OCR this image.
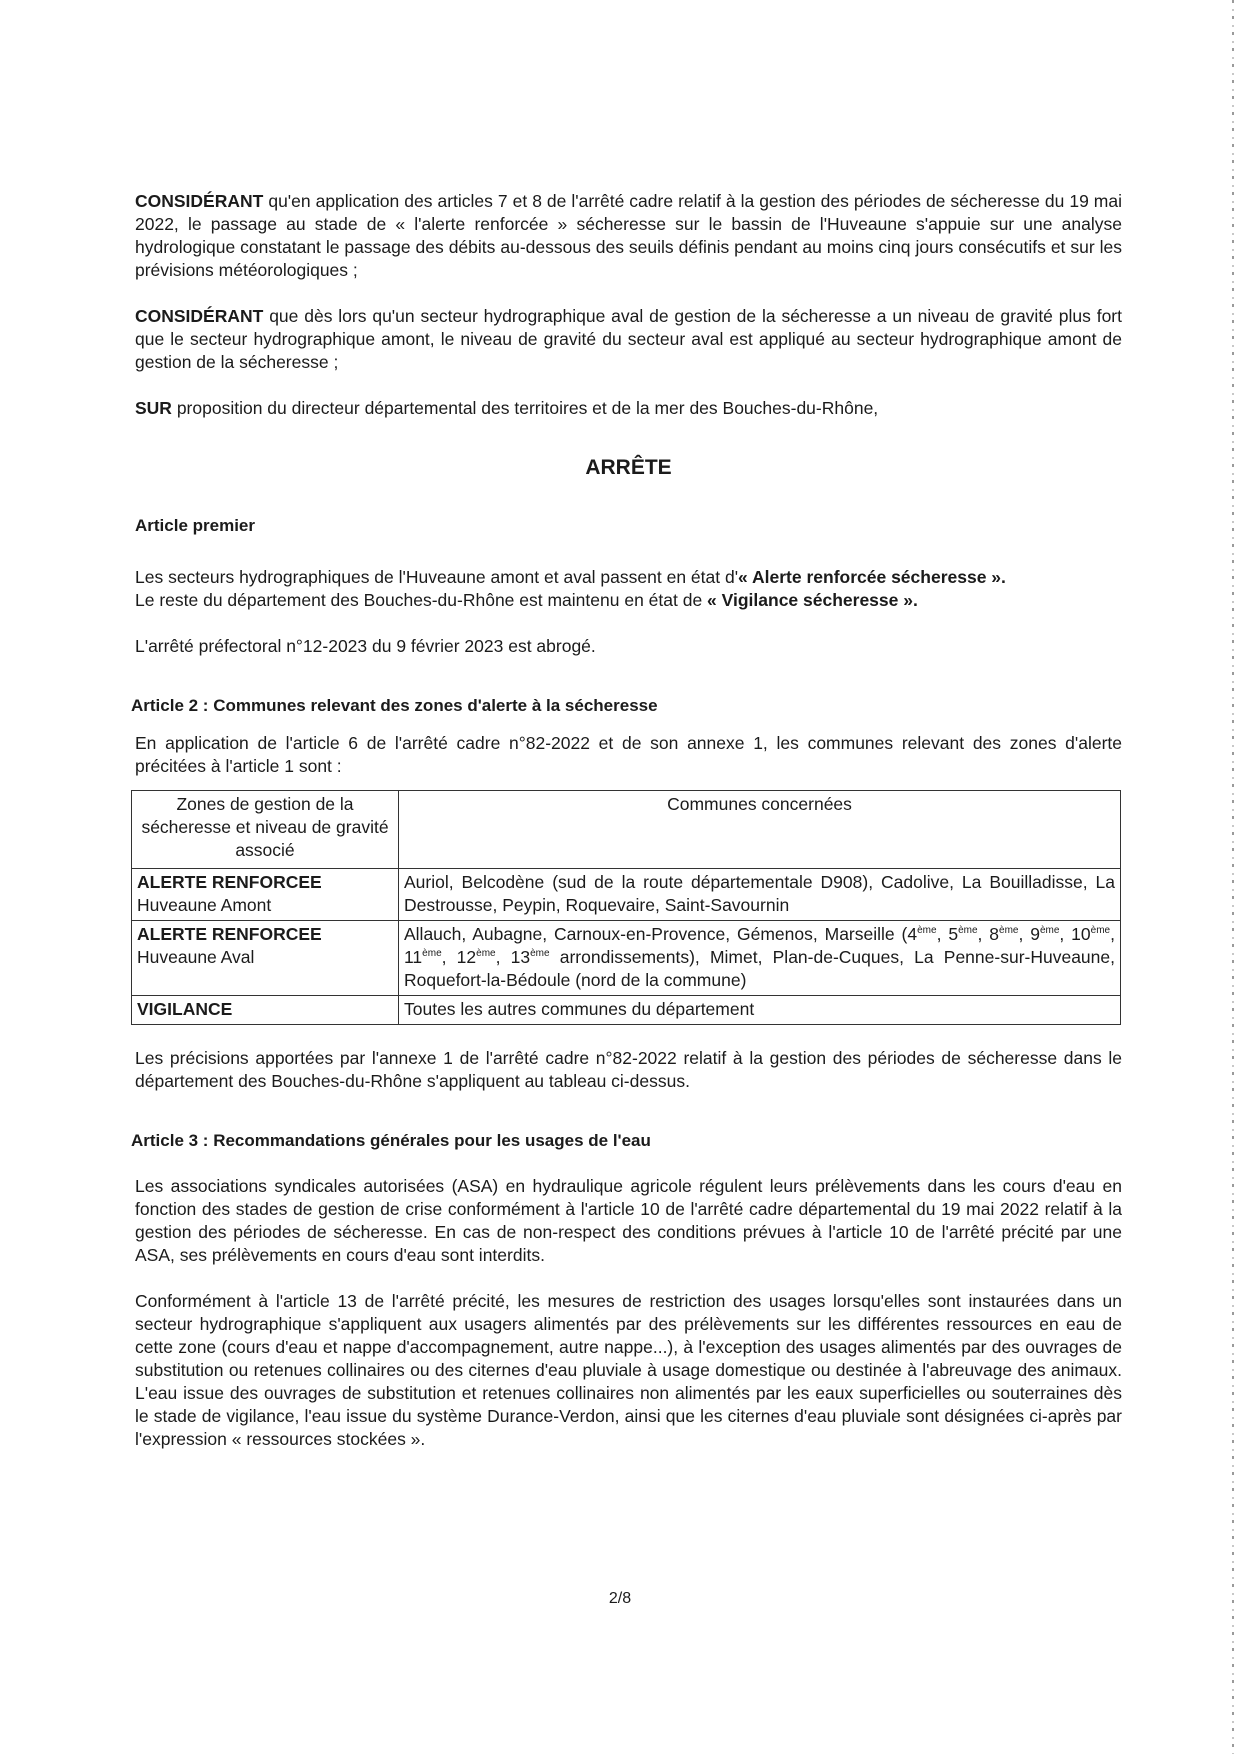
CONSIDÉRANT qu'en application des articles 7 et 8 de l'arrêté cadre relatif à la gestion des périodes de sécheresse du 19 mai 2022, le passage au stade de « l'alerte renforcée » sécheresse sur le bassin de l'Huveaune s'appuie sur une analyse hydrologique constatant le passage des débits au-dessous des seuils définis pendant au moins cinq jours consécutifs et sur les prévisions météorologiques ;

CONSIDÉRANT que dès lors qu'un secteur hydrographique aval de gestion de la sécheresse a un niveau de gravité plus fort que le secteur hydrographique amont, le niveau de gravité du secteur aval est appliqué au secteur hydrographique amont de gestion de la sécheresse ;

SUR proposition du directeur départemental des territoires et de la mer des Bouches-du-Rhône,

ARRÊTE
Article premier

Les secteurs hydrographiques de l'Huveaune amont et aval passent en état d'« Alerte renforcée sécheresse ».

Le reste du département des Bouches-du-Rhône est maintenu en état de « Vigilance sécheresse ».

L'arrêté préfectoral n°12-2023 du 9 février 2023 est abrogé.

Article 2 : Communes relevant des zones d'alerte à la sécheresse

En application de l'article 6 de l'arrêté cadre n°82-2022 et de son annexe 1, les communes relevant des zones d'alerte précitées à l'article 1 sont :

Zones de gestion de la sécheresse et niveau de gravité associé	Communes concernées
ALERTE RENFORCEE
Huveaune Amont	Auriol, Belcodène (sud de la route départementale D908), Cadolive, La Bouilladisse, La Destrousse, Peypin, Roquevaire, Saint-Savournin
ALERTE RENFORCEE
Huveaune Aval	Allauch, Aubagne, Carnoux-en-Provence, Gémenos, Marseille (4ème, 5ème, 8ème, 9ème, 10ème, 11ème, 12ème, 13ème arrondissements), Mimet, Plan-de-Cuques, La Penne-sur-Huveaune, Roquefort-la-Bédoule (nord de la commune)
VIGILANCE	Toutes les autres communes du département

Les précisions apportées par l'annexe 1 de l'arrêté cadre n°82-2022 relatif à la gestion des périodes de sécheresse dans le département des Bouches-du-Rhône s'appliquent au tableau ci-dessus.

Article 3 : Recommandations générales pour les usages de l'eau

Les associations syndicales autorisées (ASA) en hydraulique agricole régulent leurs prélèvements dans les cours d'eau en fonction des stades de gestion de crise conformément à l'article 10 de l'arrêté cadre départemental du 19 mai 2022 relatif à la gestion des périodes de sécheresse. En cas de non-respect des conditions prévues à l'article 10 de l'arrêté précité par une ASA, ses prélèvements en cours d'eau sont interdits.

Conformément à l'article 13 de l'arrêté précité, les mesures de restriction des usages lorsqu'elles sont instaurées dans un secteur hydrographique s'appliquent aux usagers alimentés par des prélèvements sur les différentes ressources en eau de cette zone (cours d'eau et nappe d'accompagnement, autre nappe...), à l'exception des usages alimentés par des ouvrages de substitution ou retenues collinaires ou des citernes d'eau pluviale à usage domestique ou destinée à l'abreuvage des animaux. L'eau issue des ouvrages de substitution et retenues collinaires non alimentés par les eaux superficielles ou souterraines dès le stade de vigilance, l'eau issue du système Durance-Verdon, ainsi que les citernes d'eau pluviale sont désignées ci-après par l'expression « ressources stockées ».

2/8
